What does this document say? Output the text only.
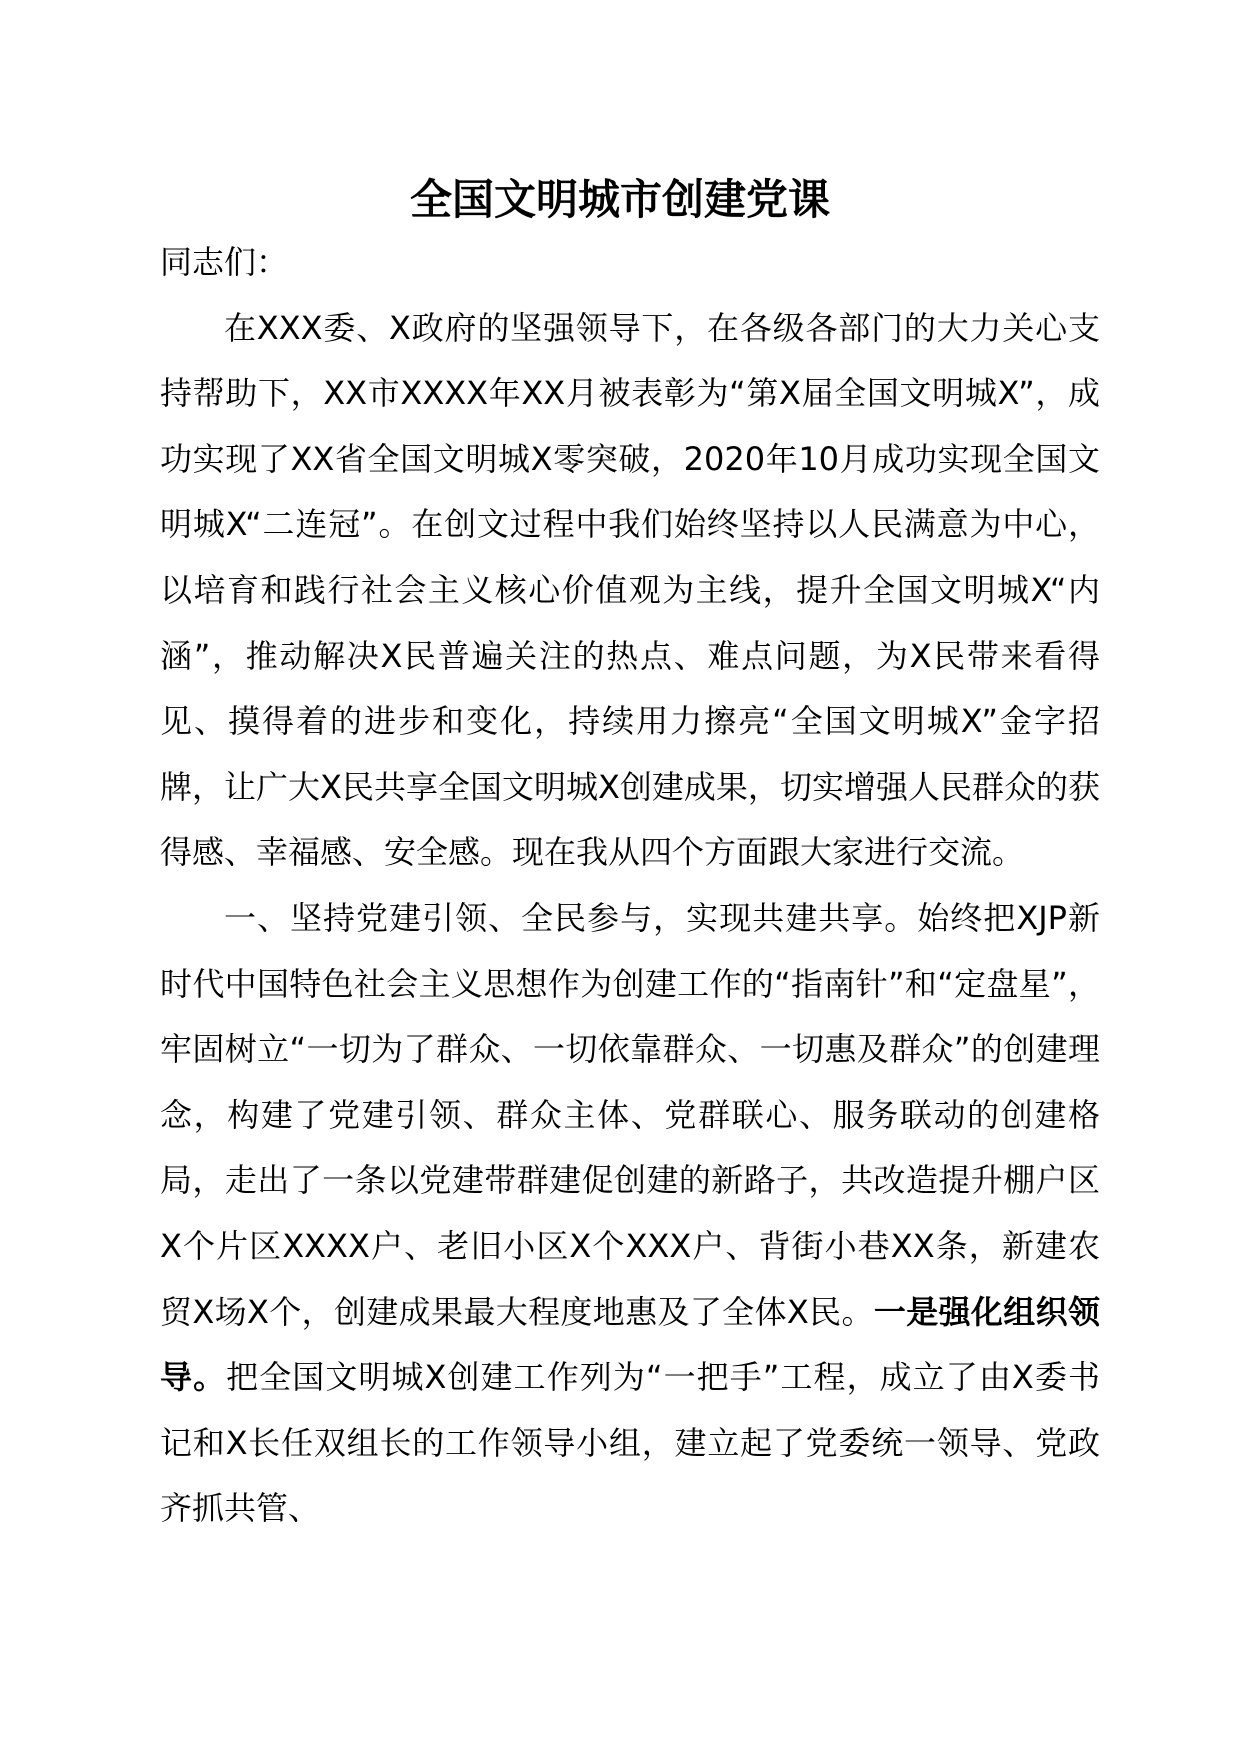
全国文明城市创建党课

同志们：

在XXX委、X政府的坚强领导下，在各级各部门的大力关心支持帮助下，XX市XXXX年XX月被表彰为“第X届全国文明城X”，成功实现了XX省全国文明城X零突破，2020年10月成功实现全国文明城X“二连冠”。在创文过程中我们始终坚持以人民满意为中心，以培育和践行社会主义核心价值观为主线，提升全国文明城X“内涵”，推动解决X民普遍关注的热点、难点问题，为X民带来看得见、摸得着的进步和变化，持续用力擦亮“全国文明城X”金字招牌，让广大X民共享全国文明城X创建成果，切实增强人民群众的获得感、幸福感、安全感。现在我从四个方面跟大家进行交流。

一、坚持党建引领、全民参与，实现共建共享。始终把XJP新时代中国特色社会主义思想作为创建工作的“指南针”和“定盘星”，牢固树立“一切为了群众、一切依靠群众、一切惠及群众”的创建理念，构建了党建引领、群众主体、党群联心、服务联动的创建格局，走出了一条以党建带群建促创建的新路子，共改造提升棚户区X个片区XXXX户、老旧小区X个XXX户、背街小巷XX条，新建农贸X场X个，创建成果最大程度地惠及了全体X民。一是强化组织领导。把全国文明城X创建工作列为“一把手”工程，成立了由X委书记和X长任双组长的工作领导小组，建立起了党委统一领导、党政齐抓共管、
